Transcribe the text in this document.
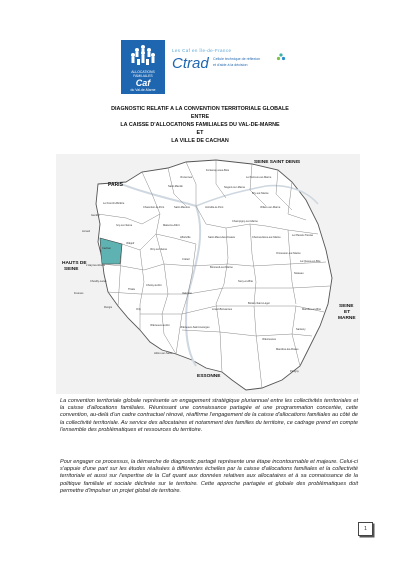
ALLOCATIONS
FAMILIALES
Caf
du Val-de-Marne
Les Caf en Île-de-France
Ctrad Cellule technique de réflexion
et d'aide à la décision
DIAGNOSTIC RELATIF A LA CONVENTION TERRITORIALE GLOBALE
ENTRE
LA CAISSE D'ALLOCATIONS FAMILIALES DU VAL-DE-MARNE
ET
LA VILLE DE CACHAN
PARIS
SEINE SAINT DENIS
HAUTS DE
SEINE
SEINE
ET
MARNE
ESSONNE
Fontenay-sous-Bois
Le Perreux-sur-Marne
Saint-Mandé
Vincennes
Nogent-sur-Marne
Bry-sur-Marne
Villiers-sur-Marne
Le Kremlin-Bicêtre
Gentilly
Charenton-le-Pont	Saint-Maurice	Joinville-le-Pont
Champigny-sur-Marne
Ivry-sur-Seine	Maisons-Alfort
Arcueil
Cachan
Villejuif
Vitry-sur-Seine
Alfortville	Saint-Maur-des-Fossés	Chennevières-sur-Marne
Le Plessis-Trévise
Ormesson-sur-Marne
La Queue-en-Brie
L'Haÿ-les-Roses
Créteil
Bonneuil-sur-Marne
Sucy-en-Brie
Noiseau
Chevilly-Larue
Fresnes
Thiais
Choisy-le-Roi
Rungis
Orly
Valenton
Boissy-Saint-Léger
Marolles-en-Brie
Limeil-Brévannes
Villeneuve-le-Roi
Villeneuve-Saint-Georges
Santeny
Villecresnes
Mandres-les-Roses
Périgny
Ablon-sur-Seine
La convention territoriale globale représente un engagement stratégique pluriannuel entre les collectivités territoriales et la caisse d'allocations familiales. Réunissant une connaissance partagée et une programmation concertée, cette convention, au-delà d'un cadre contractuel rénové, réaffirme l'engagement de la caisse d'allocations familiales au côté de la collectivité territoriale. Au service des allocataires et notamment des familles du territoire, ce cadrage prend en compte l'ensemble des problématiques et ressources du territoire.
Pour engager ce processus, la démarche de diagnostic partagé représente une étape incontournable et majeure. Celui-ci s'appuie d'une part sur les études réalisées à différentes échelles par la caisse d'allocations familiales et la collectivité territoriale et aussi sur l'expertise de la Caf quant aux données relatives aux allocataires et à sa connaissance de la politique familiale et sociale déclinée sur le territoire. Cette approche partagée et globale des problématiques doit permettre d'impulser un projet global de territoire.
1
